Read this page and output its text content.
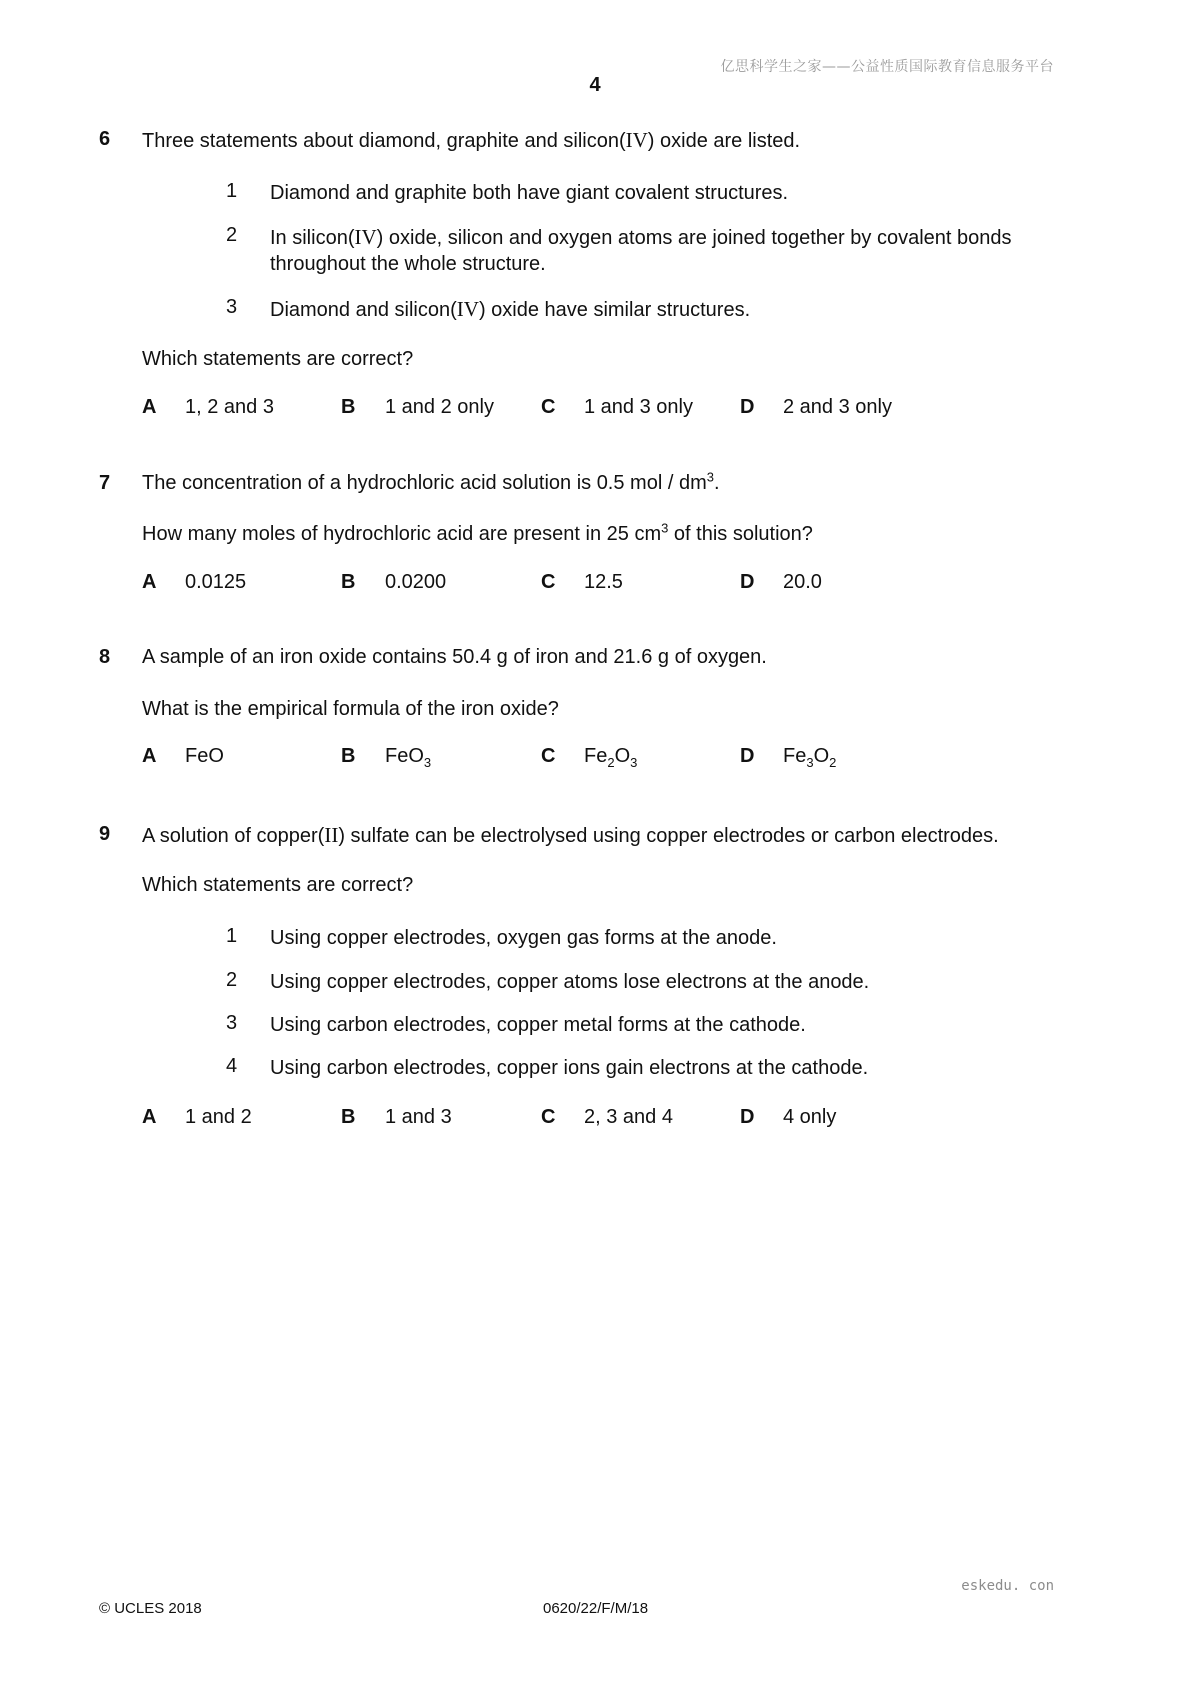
亿思科学生之家——公益性质国际教育信息服务平台
4
6 Three statements about diamond, graphite and silicon(IV) oxide are listed.
1 Diamond and graphite both have giant covalent structures.
2 In silicon(IV) oxide, silicon and oxygen atoms are joined together by covalent bonds throughout the whole structure.
3 Diamond and silicon(IV) oxide have similar structures.
Which statements are correct?
A 1, 2 and 3	B 1 and 2 only C 1 and 3 only D 2 and 3 only
7 The concentration of a hydrochloric acid solution is 0.5 mol / $dm^3$.
How many moles of hydrochloric acid are present in 25 $cm^3$ of this solution?
A 0.0125	B 0.0200	C 12.5	D 20.0
8 A sample of an iron oxide contains 50.4 g of iron and 21.6 g of oxygen.
What is the empirical formula of the iron oxide?
A FeO	B FeO$_3$	C $Fe_2O_3$	D $Fe_3O_2$
9 A solution of copper(II) sulfate can be electrolysed using copper electrodes or carbon electrodes.
Which statements are correct?
1 Using copper electrodes, oxygen gas forms at the anode.
2 Using copper electrodes, copper atoms lose electrons at the anode.
3 Using carbon electrodes, copper metal forms at the cathode.
4 Using carbon electrodes, copper ions gain electrons at the cathode.
A 1 and 2	B 1 and 3	C 2, 3 and 4	D 4 only
eskedu. con
© UCLES 2018	0620/22/F/M/18
